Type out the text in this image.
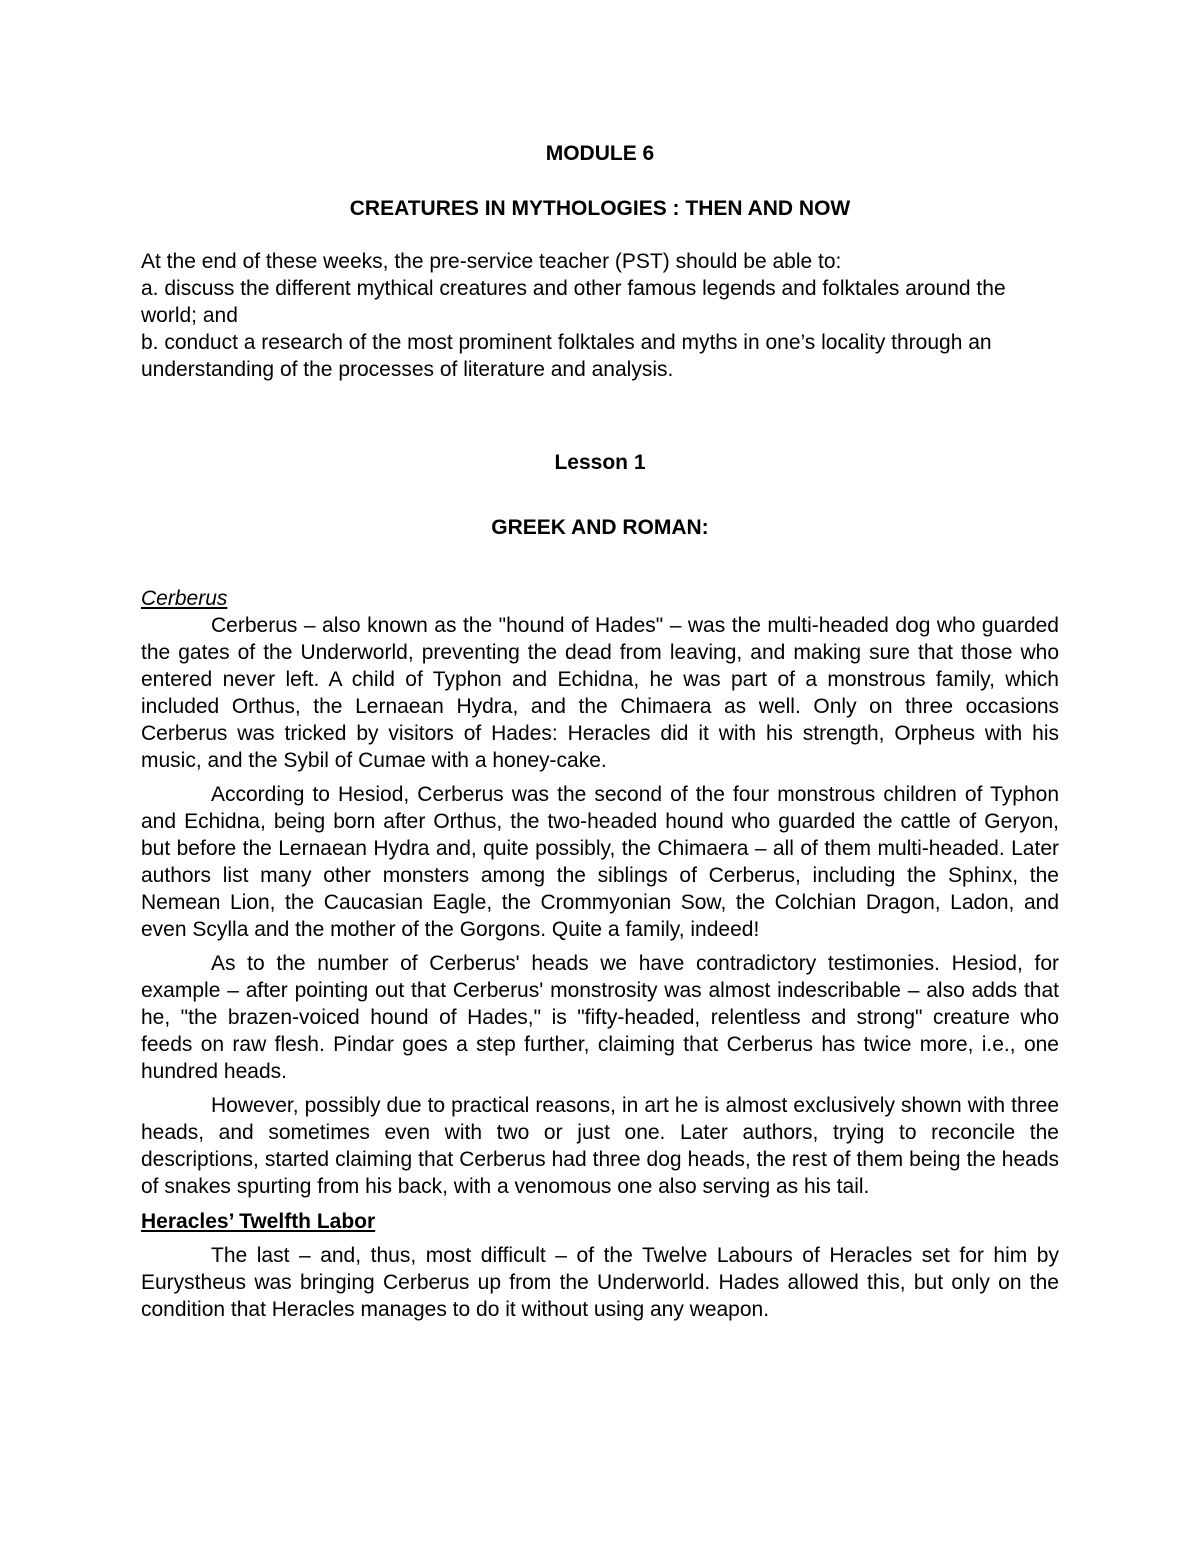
MODULE 6

CREATURES IN MYTHOLOGIES : THEN AND NOW

At the end of these weeks, the pre-service teacher (PST) should be able to:

a. discuss the different mythical creatures and other famous legends and folktales around the world; and

b. conduct a research of the most prominent folktales and myths in one’s locality through an understanding of the processes of literature and analysis.

Lesson 1

GREEK AND ROMAN:

Cerberus

Cerberus – also known as the "hound of Hades" – was the multi-headed dog who guarded the gates of the Underworld, preventing the dead from leaving, and making sure that those who entered never left. A child of Typhon and Echidna, he was part of a monstrous family, which included Orthus, the Lernaean Hydra, and the Chimaera as well. Only on three occasions Cerberus was tricked by visitors of Hades: Heracles did it with his strength, Orpheus with his music, and the Sybil of Cumae with a honey-cake.

According to Hesiod, Cerberus was the second of the four monstrous children of Typhon and Echidna, being born after Orthus, the two-headed hound who guarded the cattle of Geryon, but before the Lernaean Hydra and, quite possibly, the Chimaera – all of them multi-headed. Later authors list many other monsters among the siblings of Cerberus, including the Sphinx, the Nemean Lion, the Caucasian Eagle, the Crommyonian Sow, the Colchian Dragon, Ladon, and even Scylla and the mother of the Gorgons. Quite a family, indeed!

As to the number of Cerberus' heads we have contradictory testimonies. Hesiod, for example – after pointing out that Cerberus' monstrosity was almost indescribable – also adds that he, "the brazen-voiced hound of Hades," is "fifty-headed, relentless and strong" creature who feeds on raw flesh. Pindar goes a step further, claiming that Cerberus has twice more, i.e., one hundred heads.

However, possibly due to practical reasons, in art he is almost exclusively shown with three heads, and sometimes even with two or just one. Later authors, trying to reconcile the descriptions, started claiming that Cerberus had three dog heads, the rest of them being the heads of snakes spurting from his back, with a venomous one also serving as his tail.

Heracles’ Twelfth Labor

The last – and, thus, most difficult – of the Twelve Labours of Heracles set for him by Eurystheus was bringing Cerberus up from the Underworld. Hades allowed this, but only on the condition that Heracles manages to do it without using any weapon.
